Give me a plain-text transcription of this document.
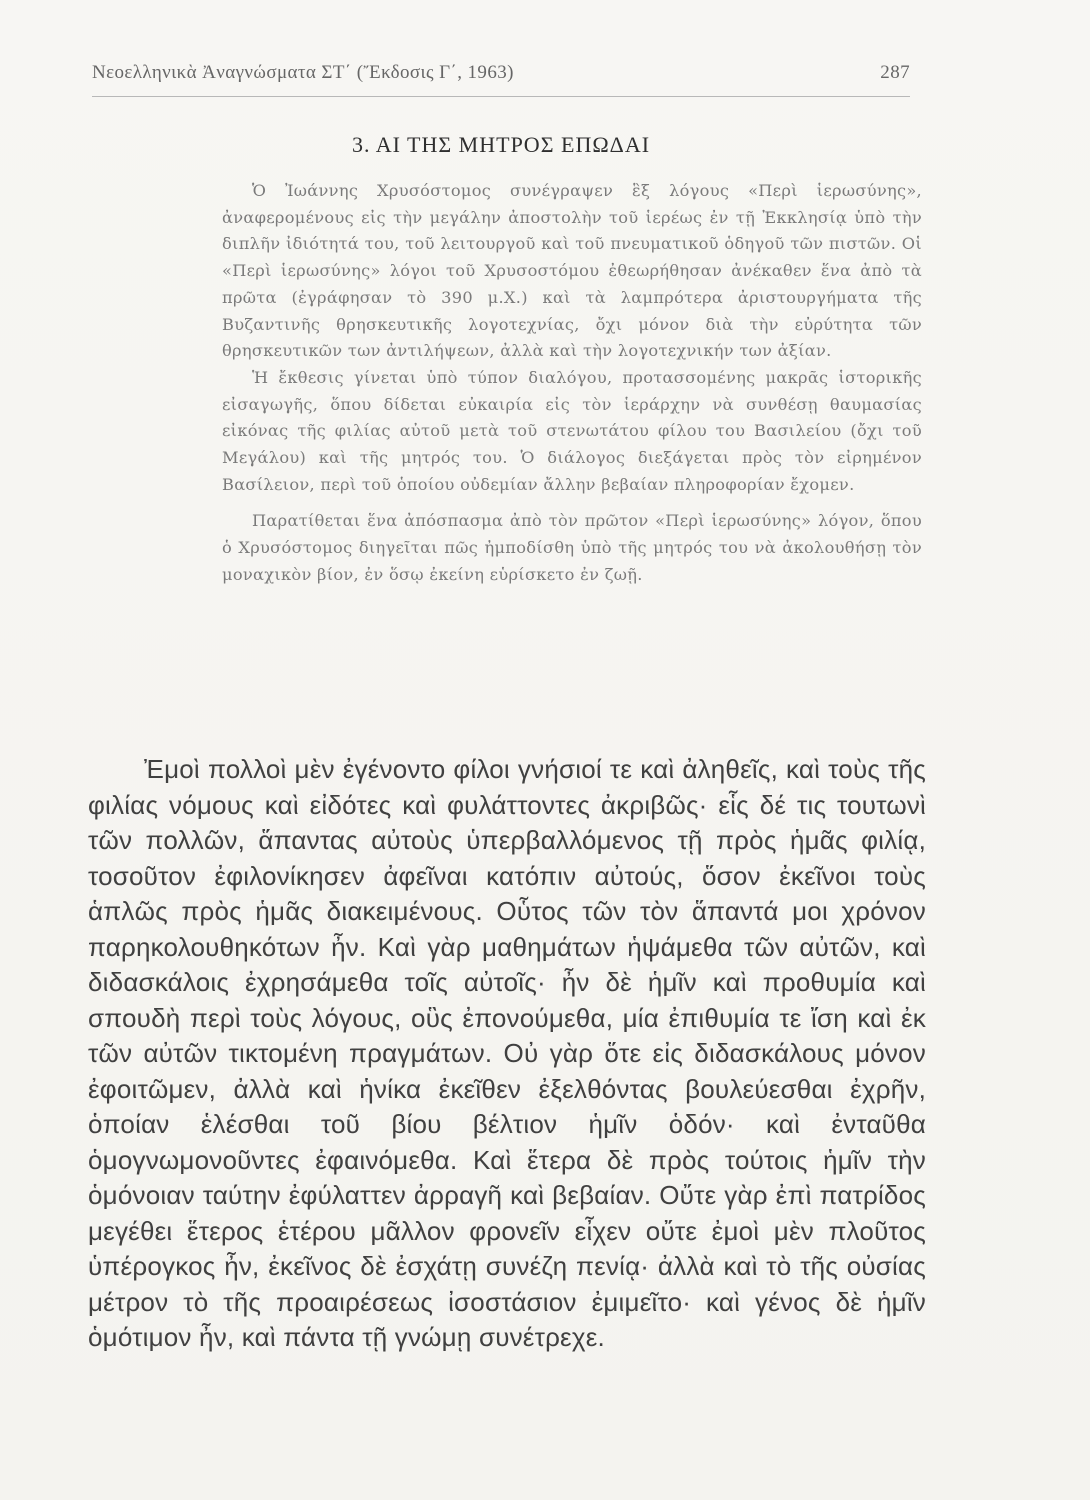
Νεοελληνικὰ Ἀναγνώσματα ΣΤ΄ (Ἔκδοσις Γ΄, 1963)	287
3. ΑΙ ΤΗΣ ΜΗΤΡΟΣ ΕΠΩΔΑΙ

Ὁ Ἰωάννης Χρυσόστομος συνέγραψεν ἓξ λόγους «Περὶ ἱερωσύνης», ἀναφερομένους εἰς τὴν μεγάλην ἀποστολὴν τοῦ ἱερέως ἐν τῇ Ἐκκλησίᾳ ὑπὸ τὴν διπλῆν ἰδιότητά του, τοῦ λειτουργοῦ καὶ τοῦ πνευματικοῦ ὁδηγοῦ τῶν πιστῶν. Οἱ «Περὶ ἱερωσύνης» λόγοι τοῦ Χρυσοστόμου ἐθεωρήθησαν ἀνέκαθεν ἕνα ἀπὸ τὰ πρῶτα (ἐγράφησαν τὸ 390 μ.Χ.) καὶ τὰ λαμπρότερα ἀριστουργήματα τῆς Βυζαντινῆς θρησκευτικῆς λογοτεχνίας, ὄχι μόνον διὰ τὴν εὐρύτητα τῶν θρησκευτικῶν των ἀντιλήψεων, ἀλλὰ καὶ τὴν λογοτεχνικήν των ἀξίαν.

Ἡ ἔκθεσις γίνεται ὑπὸ τύπον διαλόγου, προτασσομένης μακρᾶς ἱστορικῆς εἰσαγωγῆς, ὅπου δίδεται εὐκαιρία εἰς τὸν ἱεράρχην νὰ συνθέσῃ θαυμασίας εἰκόνας τῆς φιλίας αὐτοῦ μετὰ τοῦ στενωτάτου φίλου του Βασιλείου (ὄχι τοῦ Μεγάλου) καὶ τῆς μητρός του. Ὁ διάλογος διεξάγεται πρὸς τὸν εἰρημένον Βασίλειον, περὶ τοῦ ὁποίου οὐδεμίαν ἄλλην βεβαίαν πληροφορίαν ἔχομεν.

Παρατίθεται ἕνα ἀπόσπασμα ἀπὸ τὸν πρῶτον «Περὶ ἱερωσύνης» λόγον, ὅπου ὁ Χρυσόστομος διηγεῖται πῶς ἠμποδίσθη ὑπὸ τῆς μητρός του νὰ ἀκολουθήσῃ τὸν μοναχικὸν βίον, ἐν ὅσῳ ἐκείνη εὑρίσκετο ἐν ζωῇ.

Ἐμοὶ πολλοὶ μὲν ἐγένοντο φίλοι γνήσιοί τε καὶ ἀληθεῖς, καὶ τοὺς τῆς φιλίας νόμους καὶ εἰδότες καὶ φυλάττοντες ἀκριβῶς· εἷς δέ τις τουτωνὶ τῶν πολλῶν, ἅπαντας αὐτοὺς ὑπερβαλλόμενος τῇ πρὸς ἡμᾶς φιλίᾳ, τοσοῦτον ἐφιλονίκησεν ἀφεῖναι κατόπιν αὐτούς, ὅσον ἐκεῖνοι τοὺς ἁπλῶς πρὸς ἡμᾶς διακειμένους. Οὗτος τῶν τὸν ἅπαντά μοι χρόνον παρηκολουθηκότων ἦν. Καὶ γὰρ μαθημάτων ἡψάμεθα τῶν αὐτῶν, καὶ διδασκάλοις ἐχρησάμεθα τοῖς αὐτοῖς· ἦν δὲ ἡμῖν καὶ προθυμία καὶ σπουδὴ περὶ τοὺς λόγους, οὓς ἐπονούμεθα, μία ἐπιθυμία τε ἴση καὶ ἐκ τῶν αὐτῶν τικτομένη πραγμάτων. Οὐ γὰρ ὅτε εἰς διδασκάλους μόνον ἐφοιτῶμεν, ἀλλὰ καὶ ἡνίκα ἐκεῖθεν ἐξελθόντας βουλεύεσθαι ἐχρῆν, ὁποίαν ἑλέσθαι τοῦ βίου βέλτιον ἡμῖν ὁδόν· καὶ ἐνταῦθα ὁμογνωμονοῦντες ἐφαινόμεθα. Καὶ ἕτερα δὲ πρὸς τούτοις ἡμῖν τὴν ὁμόνοιαν ταύτην ἐφύλαττεν ἀρραγῆ καὶ βεβαίαν. Οὔτε γὰρ ἐπὶ πατρίδος μεγέθει ἕτερος ἑτέρου μᾶλλον φρονεῖν εἶχεν οὔτε ἐμοὶ μὲν πλοῦτος ὑπέρογκος ἦν, ἐκεῖνος δὲ ἐσχάτῃ συνέζη πενίᾳ· ἀλλὰ καὶ τὸ τῆς οὐσίας μέτρον τὸ τῆς προαιρέσεως ἰσοστάσιον ἐμιμεῖτο· καὶ γένος δὲ ἡμῖν ὁμότιμον ἦν, καὶ πάντα τῇ γνώμῃ συνέτρεχε.
